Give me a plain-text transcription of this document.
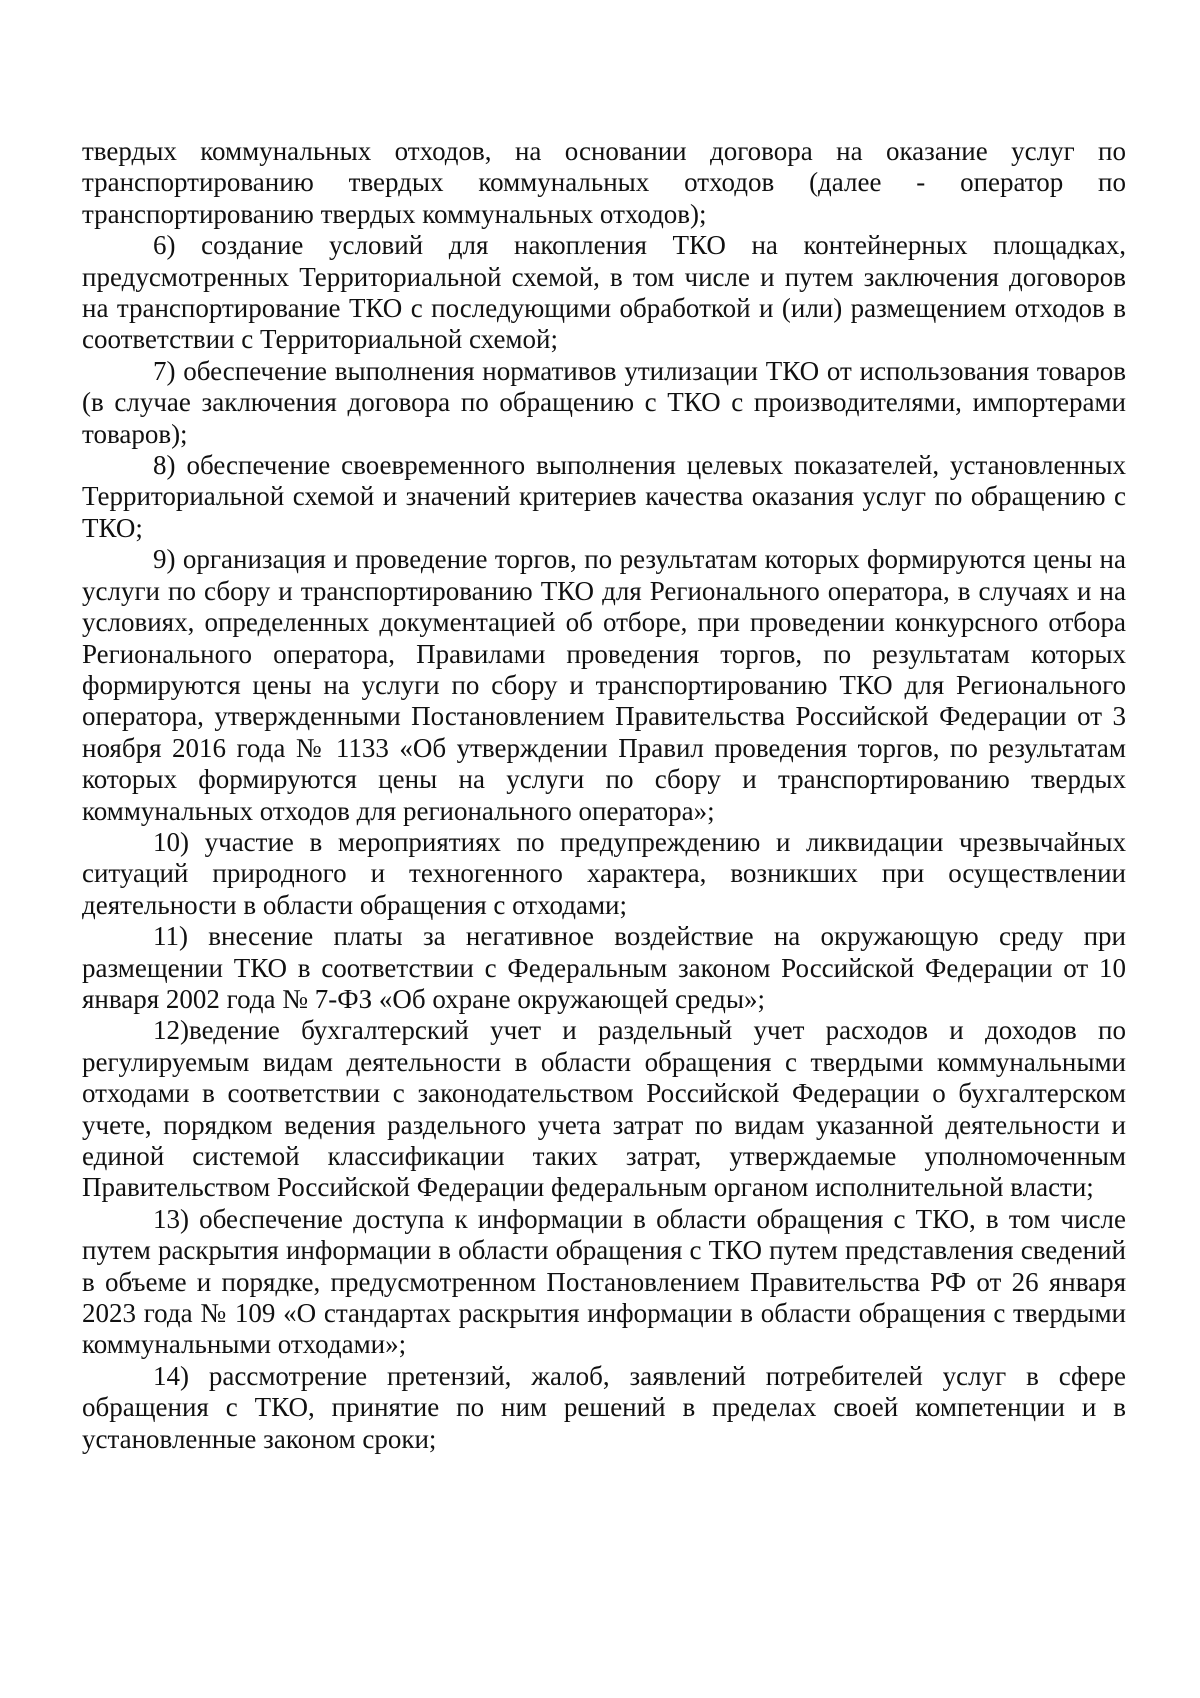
твердых коммунальных отходов, на основании договора на оказание услуг по транспортированию твердых коммунальных отходов (далее - оператор по транспортированию твердых коммунальных отходов);

6) создание условий для накопления ТКО на контейнерных площадках, предусмотренных Территориальной схемой, в том числе и путем заключения договоров на транспортирование ТКО с последующими обработкой и (или) размещением отходов в соответствии с Территориальной схемой;

7) обеспечение выполнения нормативов утилизации ТКО от использования товаров (в случае заключения договора по обращению с ТКО с производителями, импортерами товаров);

8) обеспечение своевременного выполнения целевых показателей, установленных Территориальной схемой и значений критериев качества оказания услуг по обращению с ТКО;

9) организация и проведение торгов, по результатам которых формируются цены на услуги по сбору и транспортированию ТКО для Регионального оператора, в случаях и на условиях, определенных документацией об отборе, при проведении конкурсного отбора Регионального оператора, Правилами проведения торгов, по результатам которых формируются цены на услуги по сбору и транспортированию ТКО для Регионального оператора, утвержденными Постановлением Правительства Российской Федерации от 3 ноября 2016 года № 1133 «Об утверждении Правил проведения торгов, по результатам которых формируются цены на услуги по сбору и транспортированию твердых коммунальных отходов для регионального оператора»;

10) участие в мероприятиях по предупреждению и ликвидации чрезвычайных ситуаций природного и техногенного характера, возникших при осуществлении деятельности в области обращения с отходами;

11) внесение платы за негативное воздействие на окружающую среду при размещении ТКО в соответствии с Федеральным законом Российской Федерации от 10 января 2002 года № 7-ФЗ «Об охране окружающей среды»;

12)ведение бухгалтерский учет и раздельный учет расходов и доходов по регулируемым видам деятельности в области обращения с твердыми коммунальными отходами в соответствии с законодательством Российской Федерации о бухгалтерском учете, порядком ведения раздельного учета затрат по видам указанной деятельности и единой системой классификации таких затрат, утверждаемые уполномоченным Правительством Российской Федерации федеральным органом исполнительной власти;

13) обеспечение доступа к информации в области обращения с ТКО, в том числе путем раскрытия информации в области обращения с ТКО путем представления сведений в объеме и порядке, предусмотренном Постановлением Правительства РФ от 26 января 2023 года № 109 «О стандартах раскрытия информации в области обращения с твердыми коммунальными отходами»;

14) рассмотрение претензий, жалоб, заявлений потребителей услуг в сфере обращения с ТКО, принятие по ним решений в пределах своей компетенции и в установленные законом сроки;
